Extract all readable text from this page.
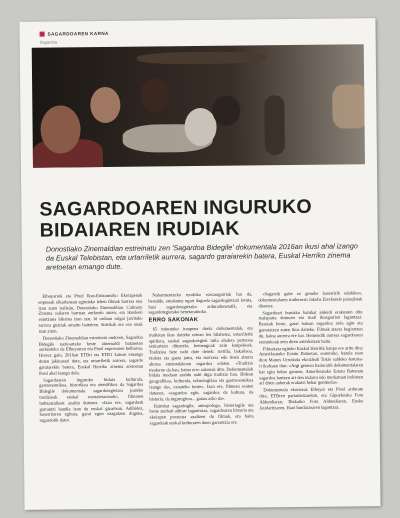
SAGARDOAREN KARNA
Sagardoa
SAGARDOAREN INGURUKO
BIDAIAREN IRUDIAK

Donostiako Zinemaldian estreinatu zen 'Sagardoa Bidegile' dokumentala 2016an ikusi ahal izango da Euskal Telebistan, eta urtarriletik aurrera, sagardo garaiarekin batera, Euskal Herriko zinema aretoetan emango dute.

Elbuyarrek eta Pixel Ikus-Entzunezko Ekoizpenak enpresak elkarlanean egindako lehen filmak harrera ona izan zuen iraileán, Donostiako Zinemaldian. Culinary Zinema sailaren barruan aurkeztu zuten, eta ikusleen erantzuna bikaina izan zen, bi orduan salgai jarritako sarrera guztiak amaitu baitziren. Kritikak ere oso onak izan ziren.

Donostiako Zinemaldian estreinatu ondoren, Sagardoa Bidegile nazioarteko beste zinemaldi batzuetan aurkezteko da Elbuyarren eta Pixel enpresaren helburua. Horrez gain, 2016an ETBri eta ETB1 katean emango duten jakinarazi dute, eta urtarriletik aurrera, sagardo garaiarekin batera, Euskal Herriko zinema aretoetan ikusi ahal izango dela.

Sagardoaren inguruko bidaia kulturala, gastronomikoa, historikoa eta zientifikoa da Sagardoa Bidegile dokumentala. sagardotegietara joateko tradizioak euskal sustraietaranoko, filmaren bultzatzaileek azaldu dutenez. «Izan ere, sagardoak garrantzi handia izan du euskal gizartean. Adibidez, baserritaren egitura, garai egun ezagutzen duguna, sagardotik dator.

Nabarmentzeko moduko ezezaugarriak bat da, bestalde, emakume ugari dagoela sagardogintzari lotuta, hasi sagardotegietako arduradunetatik, eta sagardotegietako benetarainoko.

ERRO SAKONAK

65 minutuko iraupena duela dokumentalak, eta irudietan ikus daiteke urtean leu hilabetez, urtarriletik apirilera, euskal sagardotegiek mila ahalera pertsona erakartzen dituztela, hemengoak zein kanpokoak. Tradizioa bete nahi dute denek: tortilla, bakailaoa, txuleta eta gazta jatea, eta txotxera edo tinen aburra ahotsa entzundakoan sagardoa edaten. «Tradizio moderno da hau, baina erro sakonak ditu. Dokumentalak bidaia moduan azaldu nahi digu tradizio hau. Bidean geografikoa, kulturala, teknologikoa eta gastronomikoa izango da», eznateko beste». Izan ere, filmean esaten dutenez, «sagardoa egin, sagardoa da kultura, da historia, da ingurugiroa... gauza asko da».

Haimbat sagardogile, antropologo, historiagile eta beste zenbait aditurr lagunturaz, sagardoaren historia eta ekoizpen prozesua azaltzen du filmak, eta baita sagardoak euskal kulturaren duen garrantzia ere.

«Sagarrik gabe ez genuke baserririk edukiko», dokumentalaren trailerrean Jakoba Errekondo paisajistak dioenez.

Sagardoari buruzko hainbat alderdi erakusten ditu txalaparta doinuen eta irudi ikusgarrien laguntzaz. Besteak beste, garai batean sagardoa nola egin eta garraiatzen zuten ikus daiteke. Filmak atzera begiratzen du, baina aurrera ere bai. Hemendik aurrera sagardoaren eremukoak zein diren azterketzen baitu.

Filmaketa egiteko Euskal Herritik kanpo ere aritu dira; Amerikeatako Estatu Batuetan, esaterako, bazela esan dion Manex Urrutzola ekoizleak Tokio saldeko Asturia-ri ikaleaen ilun: «Argi genuen hasieratik dokumentalaren bat egin behar genuen, Amerikeatako Estatu Batuetan sagardoa hartzen ari den indarra edo merkatuan irekitzen ari diren aukerak erakutsi behar genituela».

Dokumentala ekoizteaz Elbuyar eta Pixel arduratu dira, ETBren partaidetzarekin, eta Gipuzkoako Foru Aldundiaren, Bizkaiko Foru Aldundiaren, Eusko Jaurlaritzaren, Hazi fundazioaren laguntzaz.
